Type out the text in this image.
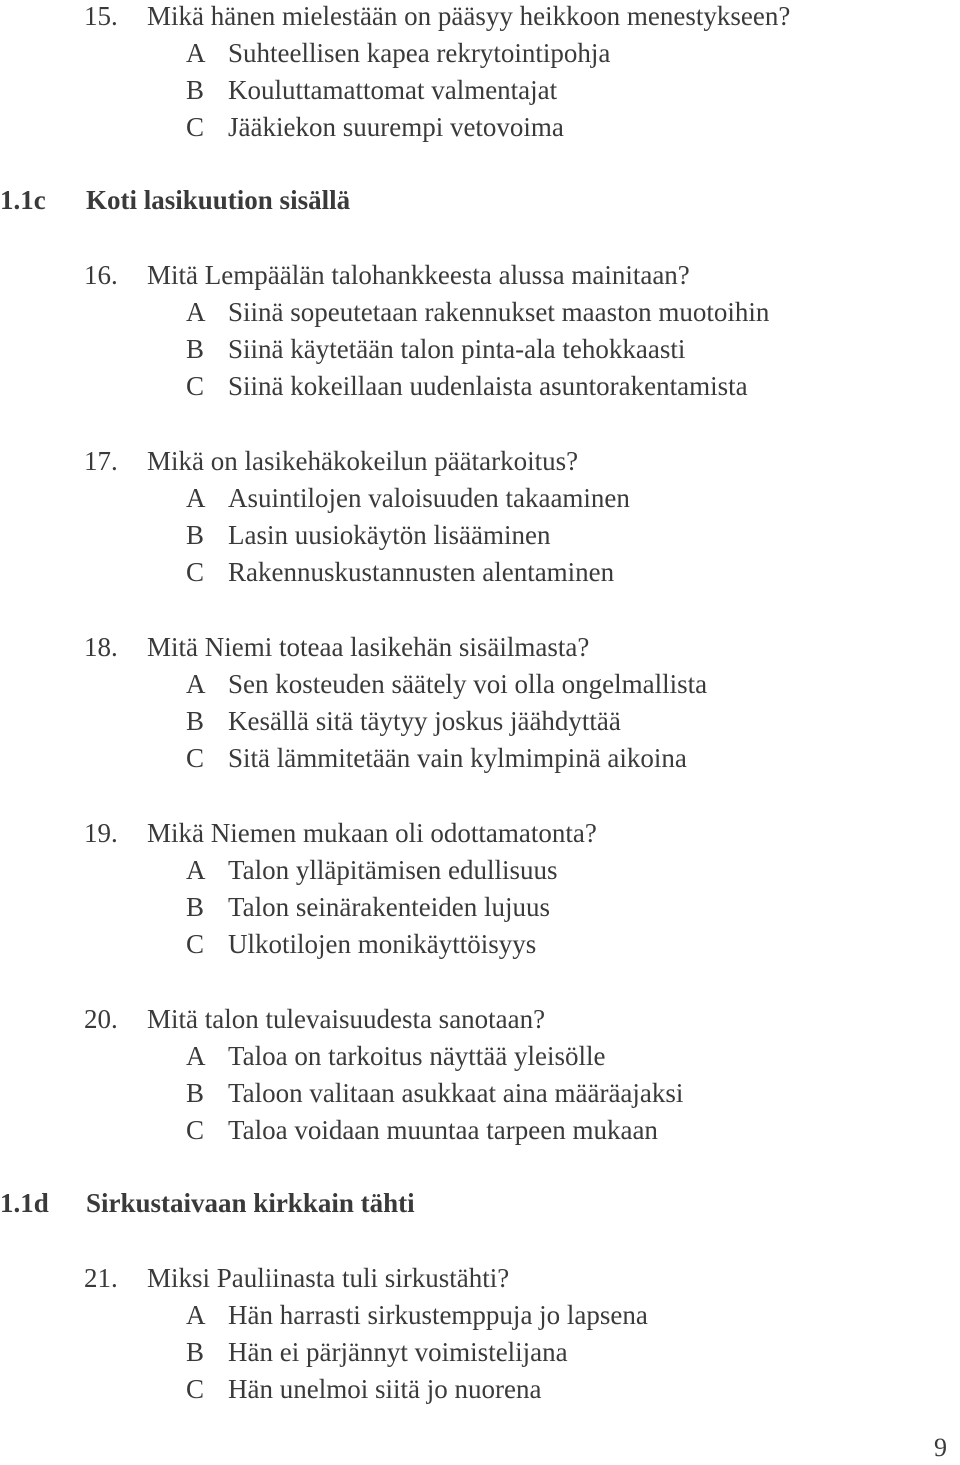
15. Mikä hänen mielestään on pääsyy heikkoon menestykseen?
A Suhteellisen kapea rekrytointipohja
B Kouluttamattomat valmentajat
C Jääkiekon suurempi vetovoima
1.1c Koti lasikuution sisällä
16. Mitä Lempäälän talohankkeesta alussa mainitaan?
A Siinä sopeutetaan rakennukset maaston muotoihin
B Siinä käytetään talon pinta-ala tehokkaasti
C Siinä kokeillaan uudenlaista asuntorakentamista
17. Mikä on lasikehäkokeilun päätarkoitus?
A Asuintilojen valoisuuden takaaminen
B Lasin uusiokäytön lisääminen
C Rakennuskustannusten alentaminen
18. Mitä Niemi toteaa lasikehän sisäilmasta?
A Sen kosteuden säätely voi olla ongelmallista
B Kesällä sitä täytyy joskus jäähdyttää
C Sitä lämmitetään vain kylmimpinä aikoina
19. Mikä Niemen mukaan oli odottamatonta?
A Talon ylläpitämisen edullisuus
B Talon seinärakenteiden lujuus
C Ulkotilojen monikäyttöisyys
20. Mitä talon tulevaisuudesta sanotaan?
A Taloa on tarkoitus näyttää yleisölle
B Taloon valitaan asukkaat aina määräajaksi
C Taloa voidaan muuntaa tarpeen mukaan
1.1d Sirkustaivaan kirkkain tähti
21. Miksi Pauliinasta tuli sirkustähti?
A Hän harrasti sirkustemppuja jo lapsena
B Hän ei pärjännyt voimistelijana
C Hän unelmoi siitä jo nuorena
9
